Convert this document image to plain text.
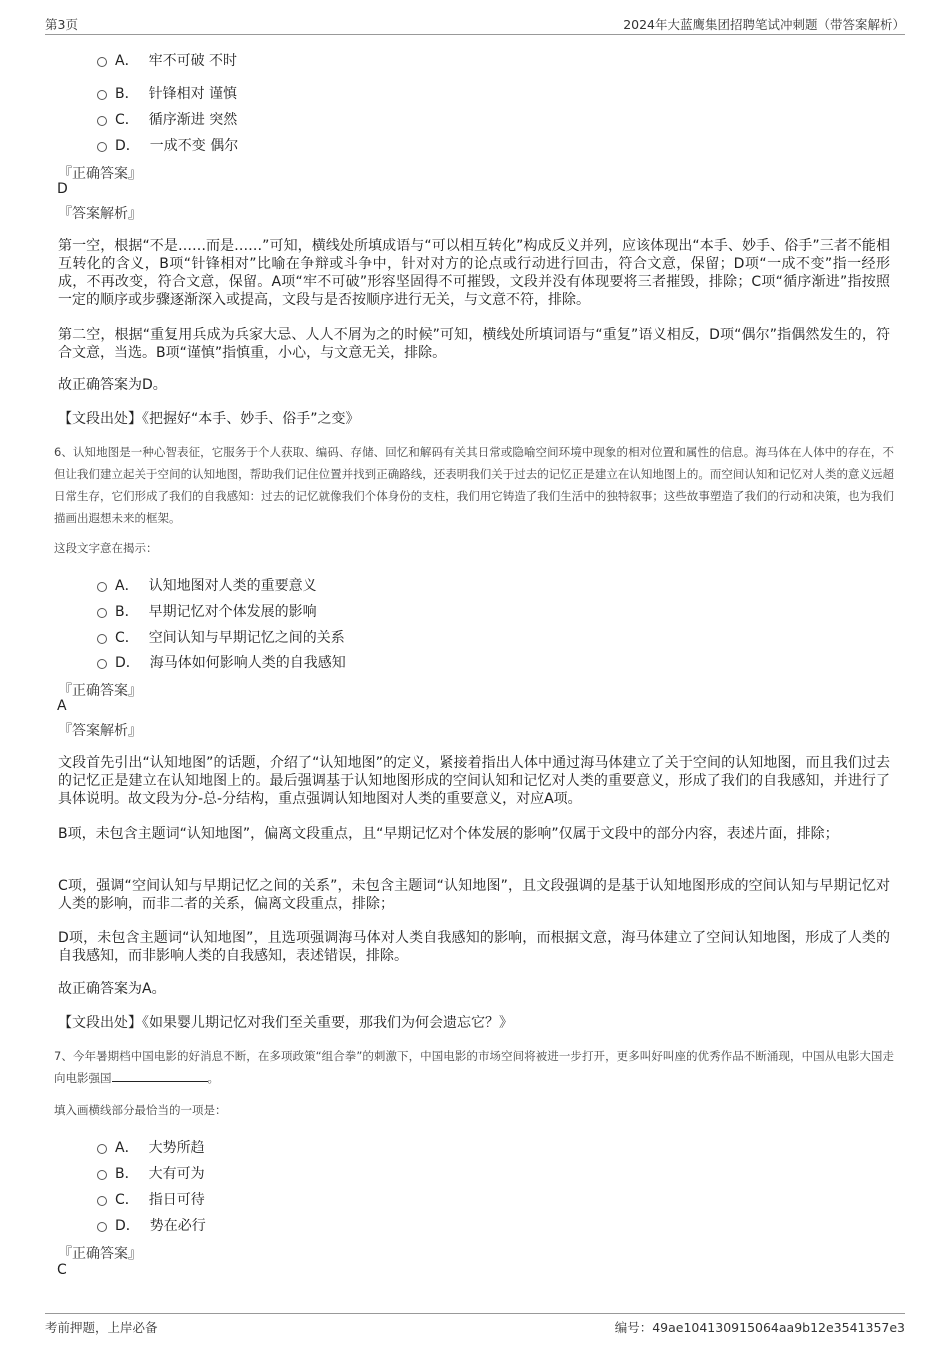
第3页	2024年大蓝鹰集团招聘笔试冲刺题（带答案解析）
A． 牢不可破 不时
B． 针锋相对 谨慎
C． 循序渐进 突然
D． 一成不变 偶尔
『正确答案』
D
『答案解析』
第一空，根据“不是……而是……”可知，横线处所填成语与“可以相互转化”构成反义并列，应该体现出“本手、妙手、俗手”三者不能相互转化的含义，B项“针锋相对”比喻在争辩或斗争中，针对对方的论点或行动进行回击，符合文意，保留；D项“一成不变”指一经形成，不再改变，符合文意，保留。A项“牢不可破”形容坚固得不可摧毁，文段并没有体现要将三者摧毁，排除；C项“循序渐进”指按照一定的顺序或步骤逐渐深入或提高，文段与是否按顺序进行无关，与文意不符，排除。
第二空，根据“重复用兵成为兵家大忌、人人不屑为之的时候”可知，横线处所填词语与“重复”语义相反，D项“偶尔”指偶然发生的，符合文意，当选。B项“谨慎”指慎重，小心，与文意无关，排除。
故正确答案为D。
【文段出处】《把握好“本手、妙手、俗手”之变》
6、认知地图是一种心智表征，它服务于个人获取、编码、存储、回忆和解码有关其日常或隐喻空间环境中现象的相对位置和属性的信息。海马体在人体中的存在，不但让我们建立起关于空间的认知地图，帮助我们记住位置并找到正确路线，还表明我们关于过去的记忆正是建立在认知地图上的。而空间认知和记忆对人类的意义远超日常生存，它们形成了我们的自我感知：过去的记忆就像我们个体身份的支柱，我们用它铸造了我们生活中的独特叙事；这些故事塑造了我们的行动和决策，也为我们描画出遐想未来的框架。
这段文字意在揭示：
A． 认知地图对人类的重要意义
B． 早期记忆对个体发展的影响
C． 空间认知与早期记忆之间的关系
D． 海马体如何影响人类的自我感知
『正确答案』
A
『答案解析』
文段首先引出“认知地图”的话题，介绍了“认知地图”的定义，紧接着指出人体中通过海马体建立了关于空间的认知地图，而且我们过去的记忆正是建立在认知地图上的。最后强调基于认知地图形成的空间认知和记忆对人类的重要意义，形成了我们的自我感知，并进行了具体说明。故文段为分-总-分结构，重点强调认知地图对人类的重要意义，对应A项。
B项，未包含主题词“认知地图”，偏离文段重点，且“早期记忆对个体发展的影响”仅属于文段中的部分内容，表述片面，排除；
C项，强调“空间认知与早期记忆之间的关系”，未包含主题词“认知地图”，且文段强调的是基于认知地图形成的空间认知与早期记忆对人类的影响，而非二者的关系，偏离文段重点，排除；
D项，未包含主题词“认知地图”，且选项强调海马体对人类自我感知的影响，而根据文意，海马体建立了空间认知地图，形成了人类的自我感知，而非影响人类的自我感知，表述错误，排除。
故正确答案为A。
【文段出处】《如果婴儿期记忆对我们至关重要，那我们为何会遗忘它？》
7、今年暑期档中国电影的好消息不断，在多项政策“组合拳”的刺激下，中国电影的市场空间将被进一步打开，更多叫好叫座的优秀作品不断涌现，中国从电影大国走向电影强国	。
填入画横线部分最恰当的一项是：
A． 大势所趋
B． 大有可为
C． 指日可待
D． 势在必行
『正确答案』
C
考前押题，上岸必备	编号：49ae104130915064aa9b12e3541357e3
